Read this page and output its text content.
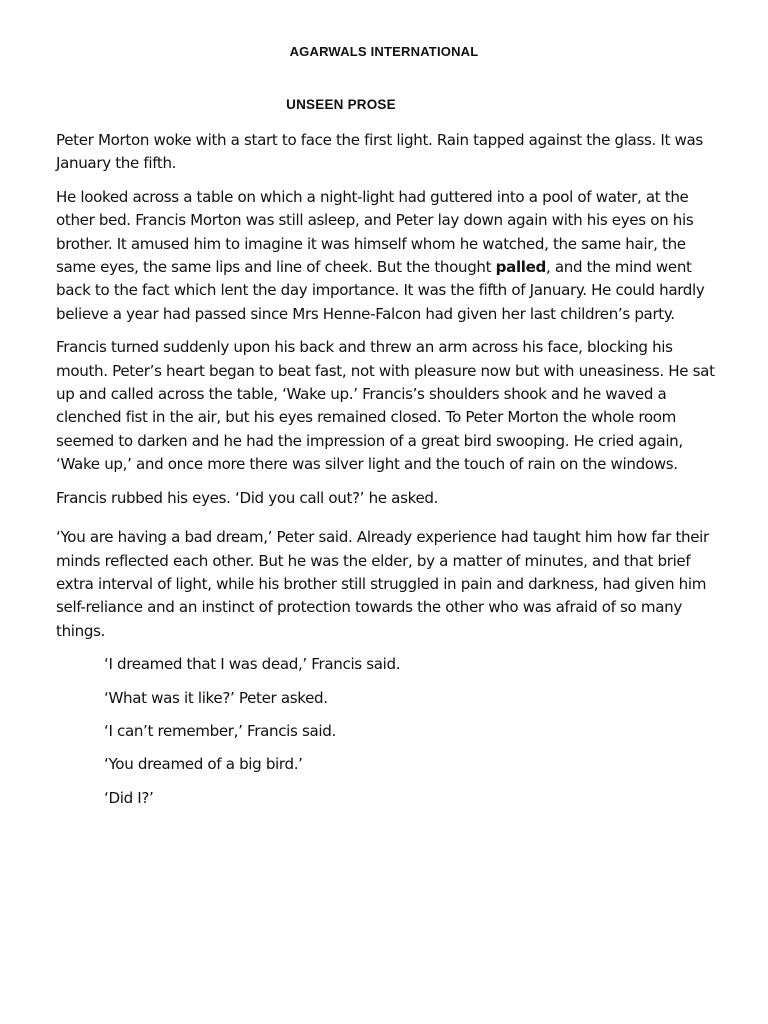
AGARWALS INTERNATIONAL
UNSEEN PROSE

Peter Morton woke with a start to face the first light. Rain tapped against the glass. It was January the fifth.

He looked across a table on which a night-light had guttered into a pool of water, at the other bed. Francis Morton was still asleep, and Peter lay down again with his eyes on his brother. It amused him to imagine it was himself whom he watched, the same hair, the same eyes, the same lips and line of cheek. But the thought palled, and the mind went back to the fact which lent the day importance. It was the fifth of January. He could hardly believe a year had passed since Mrs Henne-Falcon had given her last children’s party.

Francis turned suddenly upon his back and threw an arm across his face, blocking his mouth. Peter’s heart began to beat fast, not with pleasure now but with uneasiness. He sat up and called across the table, ‘Wake up.’ Francis’s shoulders shook and he waved a clenched fist in the air, but his eyes remained closed. To Peter Morton the whole room seemed to darken and he had the impression of a great bird swooping. He cried again, ‘Wake up,’ and once more there was silver light and the touch of rain on the windows.

Francis rubbed his eyes. ‘Did you call out?’ he asked.

‘You are having a bad dream,’ Peter said. Already experience had taught him how far their minds reflected each other. But he was the elder, by a matter of minutes, and that brief extra interval of light, while his brother still struggled in pain and darkness, had given him self-reliance and an instinct of protection towards the other who was afraid of so many things.

‘I dreamed that I was dead,’ Francis said.

‘What was it like?’ Peter asked.

‘I can’t remember,’ Francis said.

‘You dreamed of a big bird.’

‘Did I?’
